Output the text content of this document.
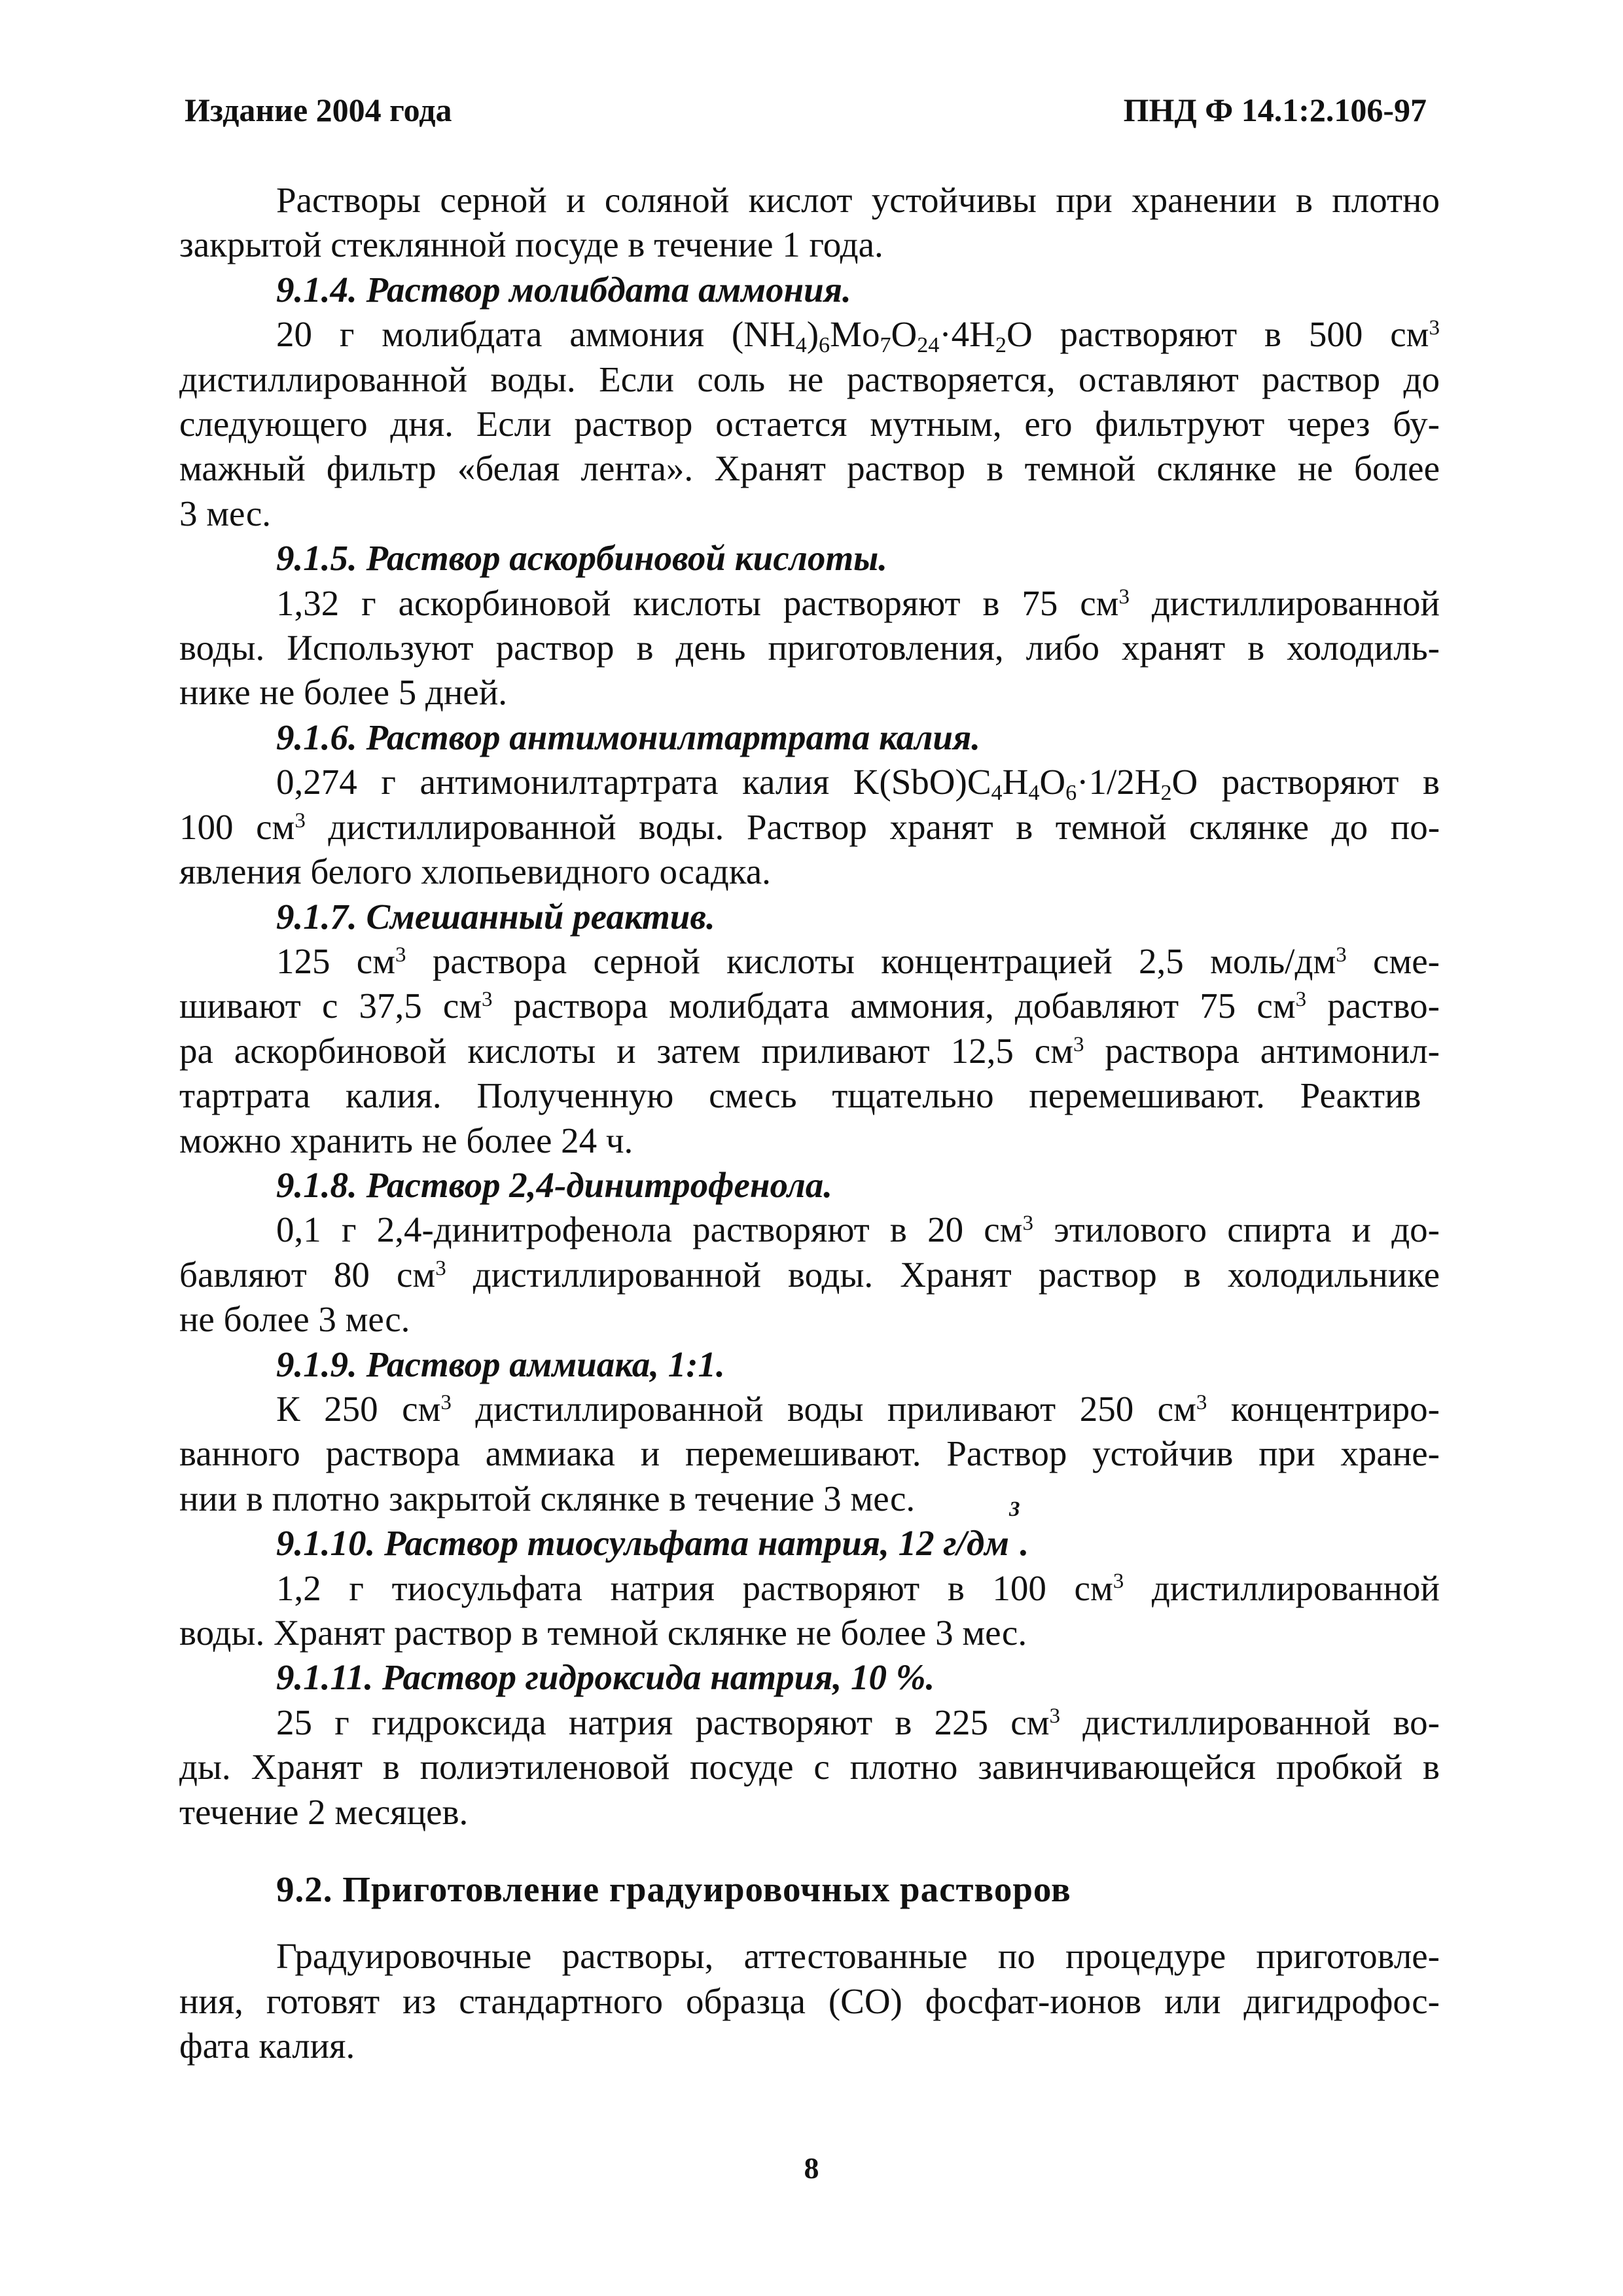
Издание 2004 года	ПНД Ф 14.1:2.106-97
Растворы серной и соляной кислот устойчивы при хранении в плотно
закрытой стеклянной посуде в течение 1 года.
9.1.4. Раствор молибдата аммония.
20 г молибдата аммония $(NH_4)_6Mo_7O_{24}\cdot 4H_2O$ растворяют в 500 $см^3$
дистиллированной воды. Если соль не растворяется, оставляют раствор до
следующего дня. Если раствор остается мутным, его фильтруют через бу-
мажный фильтр «белая лента». Хранят раствор в темной склянке не более
3 мес.
9.1.5. Раствор аскорбиновой кислоты.
1,32 г аскорбиновой кислоты растворяют в 75 $см^3$ дистиллированной
воды. Используют раствор в день приготовления, либо хранят в холодиль-
нике не более 5 дней.
9.1.6. Раствор антимонилтартрата калия.
0,274 г антимонилтартрата калия $K(SbO)C_4H_4O_6\cdot 1/2H_2O$ растворяют в
100 $см^3$ дистиллированной воды. Раствор хранят в темной склянке до по-
явления белого хлопьевидного осадка.
9.1.7. Смешанный реактив.
125 $см^3$ раствора серной кислоты концентрацией 2,5 моль/$дм^3$ сме-
шивают с 37,5 $см^3$ раствора молибдата аммония, добавляют 75 $см^3$ раство-
ра аскорбиновой кислоты и затем приливают 12,5 $см^3$ раствора антимонил-
тартрата калия. Полученную смесь тщательно перемешивают. Реактив
можно хранить не более 24 ч.
9.1.8. Раствор 2,4-динитрофенола.
0,1 г 2,4-динитрофенола растворяют в 20 $см^3$ этилового спирта и до-
бавляют 80 $см^3$ дистиллированной воды. Хранят раствор в холодильнике
не более 3 мес.
9.1.9. Раствор аммиака, 1:1.
К 250 $см^3$ дистиллированной воды приливают 250 $см^3$ концентриро-
ванного раствора аммиака и перемешивают. Раствор устойчив при хране-
нии в плотно закрытой склянке в течение 3 мес.
9.1.10. Раствор тиосульфата натрия, 12 г/дм
$^3$
.
1,2 г тиосульфата натрия растворяют в 100 $см^3$ дистиллированной
воды. Хранят раствор в темной склянке не более 3 мес.
9.1.11. Раствор гидроксида натрия, 10 %.
25 г гидроксида натрия растворяют в 225 $см^3$ дистиллированной во-
ды. Хранят в полиэтиленовой посуде с плотно завинчивающейся пробкой в
течение 2 месяцев.
9.2. Приготовление градуировочных растворов
Градуировочные растворы, аттестованные по процедуре приготовле-
ния, готовят из стандартного образца (СО) фосфат-ионов или дигидрофос-
фата калия.
8
